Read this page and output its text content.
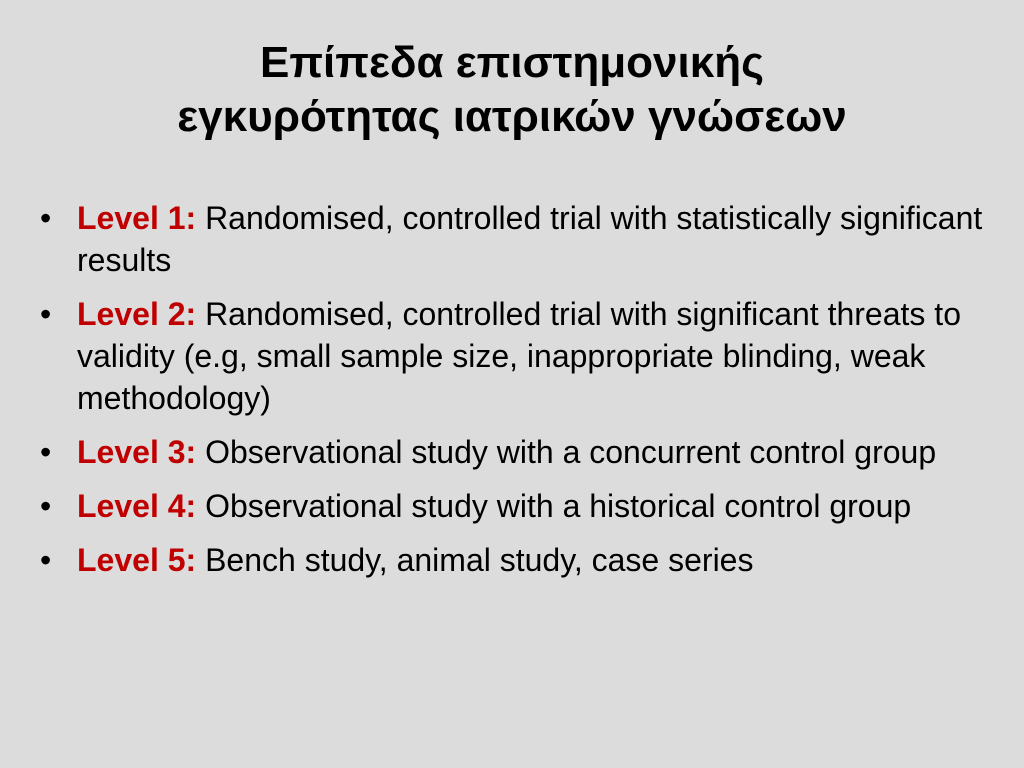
Επίπεδα επιστημονικής
εγκυρότητας ιατρικών γνώσεων
• Level 1: Randomised, controlled trial with statistically significant results
• Level 2: Randomised, controlled trial with significant threats to validity (e.g, small sample size, inappropriate blinding, weak methodology)
• Level 3: Observational study with a concurrent control group
• Level 4: Observational study with a historical control group
• Level 5: Bench study, animal study, case series
